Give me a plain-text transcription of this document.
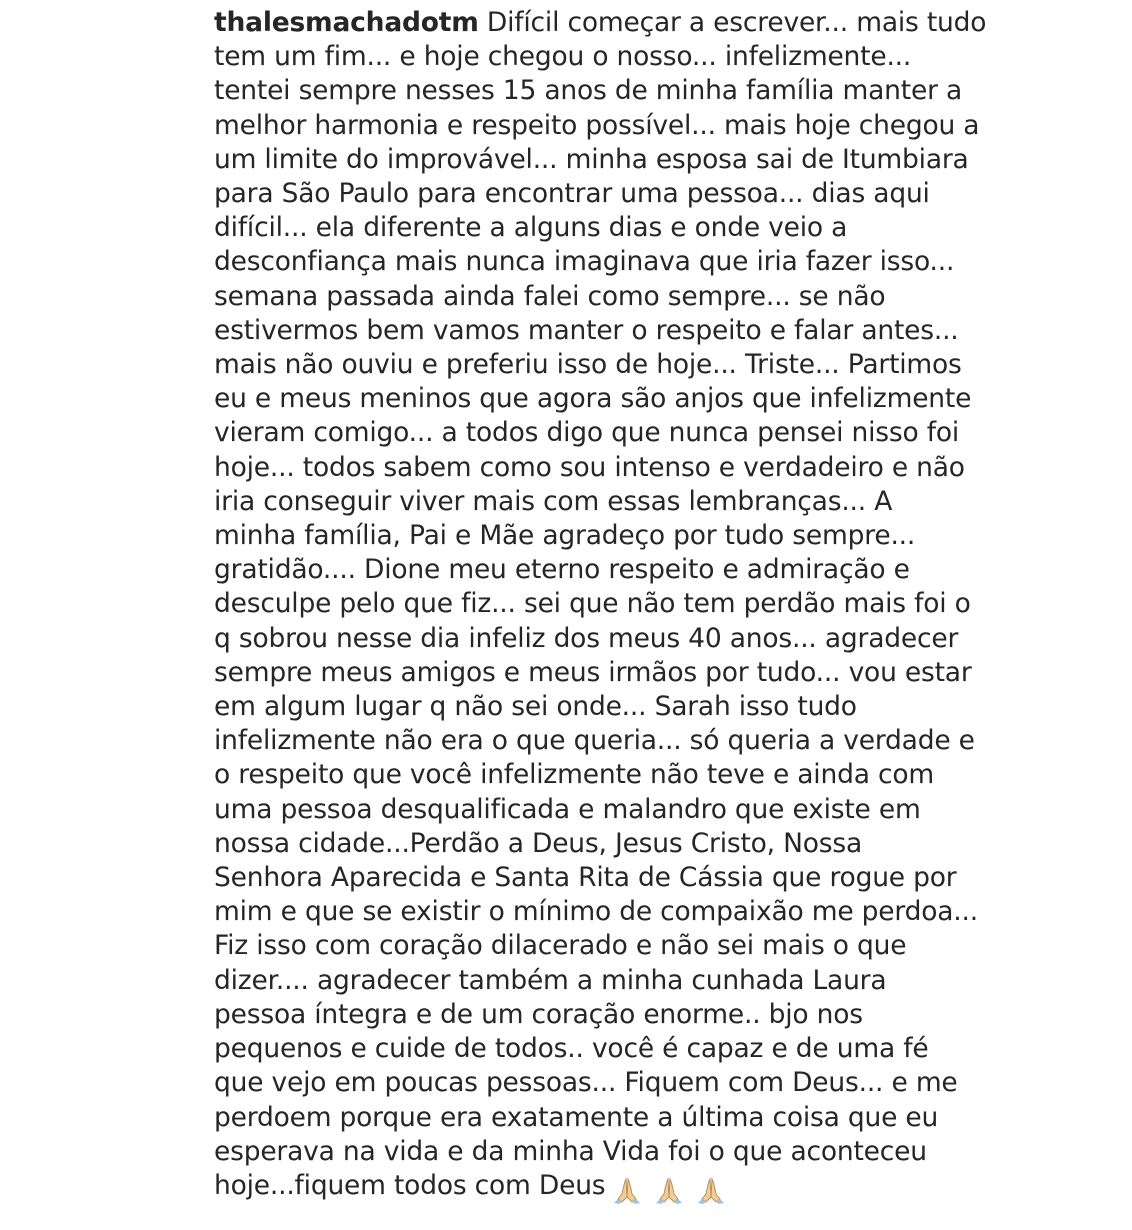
thalesmachadotm Difícil começar a escrever... mais tudo
tem um fim... e hoje chegou o nosso... infelizmente...
tentei sempre nesses 15 anos de minha família manter a
melhor harmonia e respeito possível... mais hoje chegou a
um limite do improvável... minha esposa sai de Itumbiara
para São Paulo para encontrar uma pessoa... dias aqui
difícil... ela diferente a alguns dias e onde veio a
desconfiança mais nunca imaginava que iria fazer isso...
semana passada ainda falei como sempre... se não
estivermos bem vamos manter o respeito e falar antes...
mais não ouviu e preferiu isso de hoje... Triste... Partimos
eu e meus meninos que agora são anjos que infelizmente
vieram comigo... a todos digo que nunca pensei nisso foi
hoje... todos sabem como sou intenso e verdadeiro e não
iria conseguir viver mais com essas lembranças... A
minha família, Pai e Mãe agradeço por tudo sempre...
gratidão.... Dione meu eterno respeito e admiração e
desculpe pelo que fiz... sei que não tem perdão mais foi o
q sobrou nesse dia infeliz dos meus 40 anos... agradecer
sempre meus amigos e meus irmãos por tudo... vou estar
em algum lugar q não sei onde... Sarah isso tudo
infelizmente não era o que queria... só queria a verdade e
o respeito que você infelizmente não teve e ainda com
uma pessoa desqualificada e malandro que existe em
nossa cidade...Perdão a Deus, Jesus Cristo, Nossa
Senhora Aparecida e Santa Rita de Cássia que rogue por
mim e que se existir o mínimo de compaixão me perdoa...
Fiz isso com coração dilacerado e não sei mais o que
dizer.... agradecer também a minha cunhada Laura
pessoa íntegra e de um coração enorme.. bjo nos
pequenos e cuide de todos.. você é capaz e de uma fé
que vejo em poucas pessoas... Fiquem com Deus... e me
perdoem porque era exatamente a última coisa que eu
esperava na vida e da minha Vida foi o que aconteceu
hoje...fiquem todos com Deus
